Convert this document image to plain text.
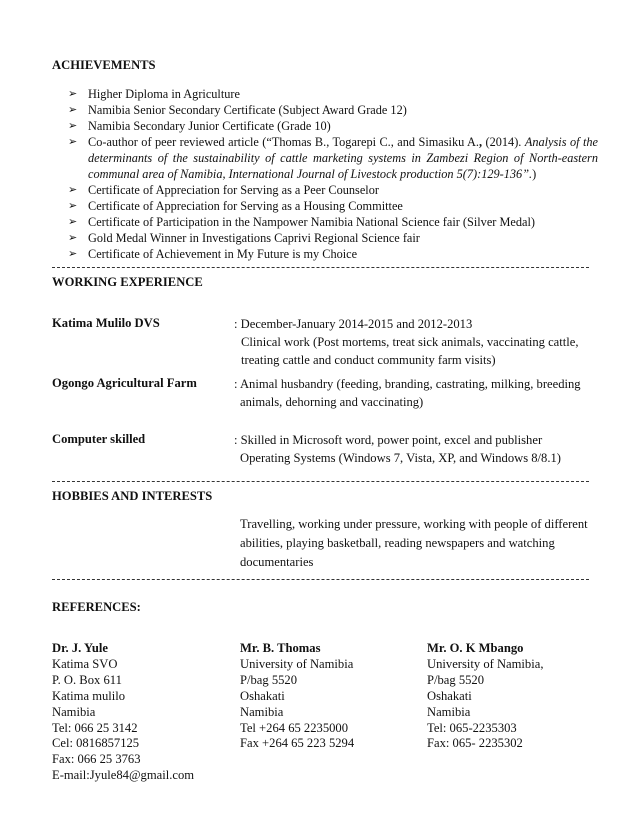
ACHIEVEMENTS
➢ Higher Diploma in Agriculture
➢ Namibia Senior Secondary Certificate (Subject Award Grade 12)
➢ Namibia Secondary Junior Certificate (Grade 10)
➢ Co-author of peer reviewed article (“Thomas B., Togarepi C., and Simasiku A., (2014). Analysis of the determinants of the sustainability of cattle marketing systems in Zambezi Region of North-eastern communal area of Namibia, International Journal of Livestock production 5(7):129-136”.)
➢ Certificate of Appreciation for Serving as a Peer Counselor
➢ Certificate of Appreciation for Serving as a Housing Committee
➢ Certificate of Participation in the Nampower Namibia National Science fair (Silver Medal)
➢ Gold Medal Winner in Investigations Caprivi Regional Science fair
➢ Certificate of Achievement in My Future is my Choice
WORKING EXPERIENCE
Katima Mulilo DVS	: December-January 2014-2015 and 2012-2013
Clinical work (Post mortems, treat sick animals, vaccinating cattle,
treating cattle and conduct community farm visits)
Ogongo Agricultural Farm	: Animal husbandry (feeding, branding, castrating, milking, breeding
animals, dehorning and vaccinating)
Computer skilled	: Skilled in Microsoft word, power point, excel and publisher
Operating Systems (Windows 7, Vista, XP, and Windows 8/8.1)
HOBBIES AND INTERESTS
Travelling, working under pressure, working with people of different
abilities, playing basketball, reading newspapers and watching
documentaries
REFERENCES:
Dr. J. Yule
Katima SVO
P. O. Box 611
Katima mulilo
Namibia
Tel: 066 25 3142
Cel: 0816857125
Fax: 066 25 3763
E-mail:Jyule84@gmail.com
Mr. B. Thomas
University of Namibia
P/bag 5520
Oshakati
Namibia
Tel +264 65 2235000
Fax +264 65 223 5294
Mr. O. K Mbango
University of Namibia,
P/bag 5520
Oshakati
Namibia
Tel: 065-2235303
Fax: 065- 2235302
